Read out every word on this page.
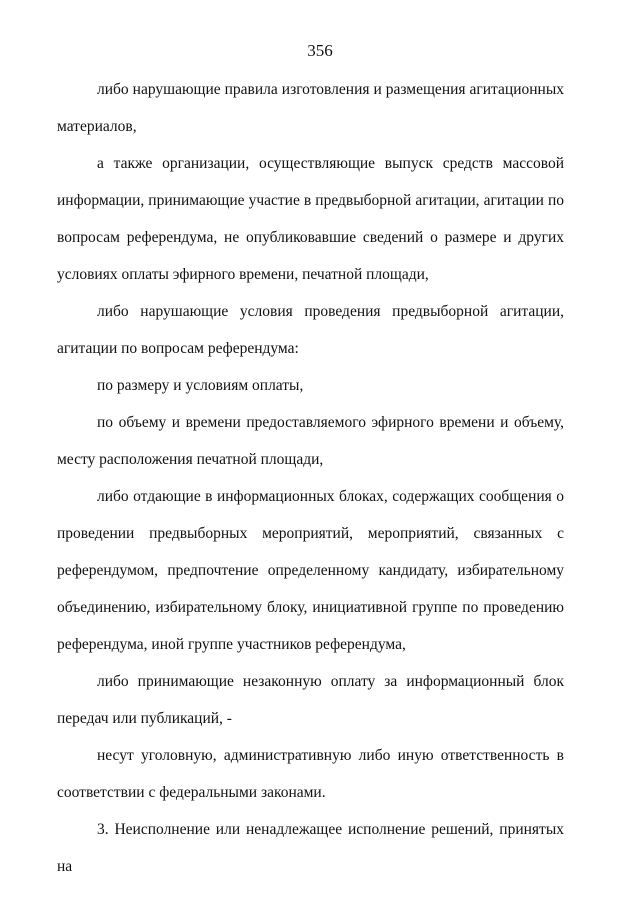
356

либо нарушающие правила изготовления и размещения агитационных материалов,

а также организации, осуществляющие выпуск средств массовой информации, принимающие участие в предвыборной агитации, агитации по вопросам референдума, не опубликовавшие сведений о размере и других условиях оплаты эфирного времени, печатной площади,

либо нарушающие условия проведения предвыборной агитации, агитации по вопросам референдума:

по размеру и условиям оплаты,

по объему и времени предоставляемого эфирного времени и объему, месту расположения печатной площади,

либо отдающие в информационных блоках, содержащих сообщения о проведении предвыборных мероприятий, мероприятий, связанных с референдумом, предпочтение определенному кандидату, избирательному объединению, избирательному блоку, инициативной группе по проведению референдума, иной группе участников референдума,

либо принимающие незаконную оплату за информационный блок передач или публикаций, -

несут уголовную, административную либо иную ответственность в соответствии с федеральными законами.

3. Неисполнение или ненадлежащее исполнение решений, принятых на
